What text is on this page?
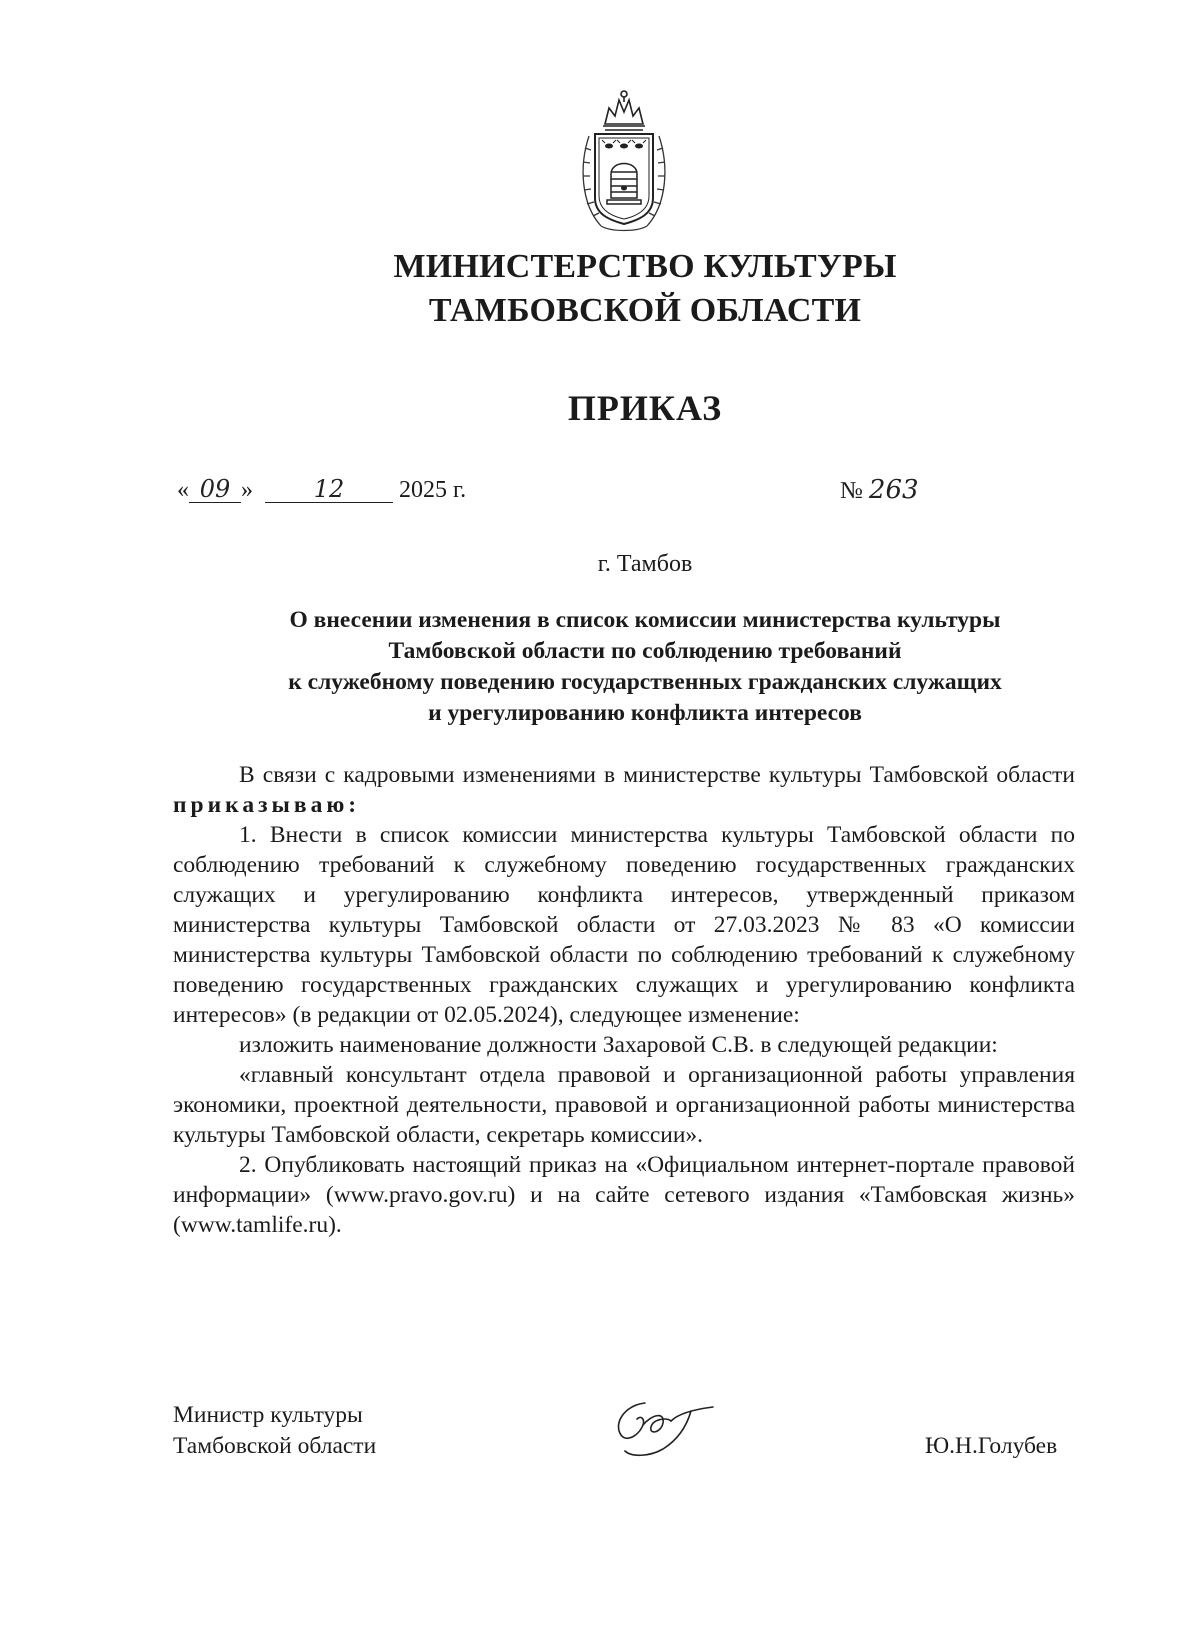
МИНИСТЕРСТВО КУЛЬТУРЫ
ТАМБОВСКОЙ ОБЛАСТИ
ПРИКАЗ
« 09 »	12 2025 г.	№ 263
г. Тамбов
О внесении изменения в список комиссии министерства культуры
Тамбовской области по соблюдению требований
к служебному поведению государственных гражданских служащих
и урегулированию конфликта интересов

В связи с кадровыми изменениями в министерстве культуры Тамбовской области приказываю:

1. Внести в список комиссии министерства культуры Тамбовской области по соблюдению требований к служебному поведению государственных гражданских служащих и урегулированию конфликта интересов, утвержденный приказом министерства культуры Тамбовской области от 27.03.2023 № 83 «О комиссии министерства культуры Тамбовской области по соблюдению требований к служебному поведению государственных гражданских служащих и урегулированию конфликта интересов» (в редакции от 02.05.2024), следующее изменение:

изложить наименование должности Захаровой С.В. в следующей редакции:

«главный консультант отдела правовой и организационной работы управления экономики, проектной деятельности, правовой и организационной работы министерства культуры Тамбовской области, секретарь комиссии».

2. Опубликовать настоящий приказ на «Официальном интернет-портале правовой информации» (www.pravo.gov.ru) и на сайте сетевого издания «Тамбовская жизнь» (www.tamlife.ru).

Министр культуры
Тамбовской области	Ю.Н.Голубев
